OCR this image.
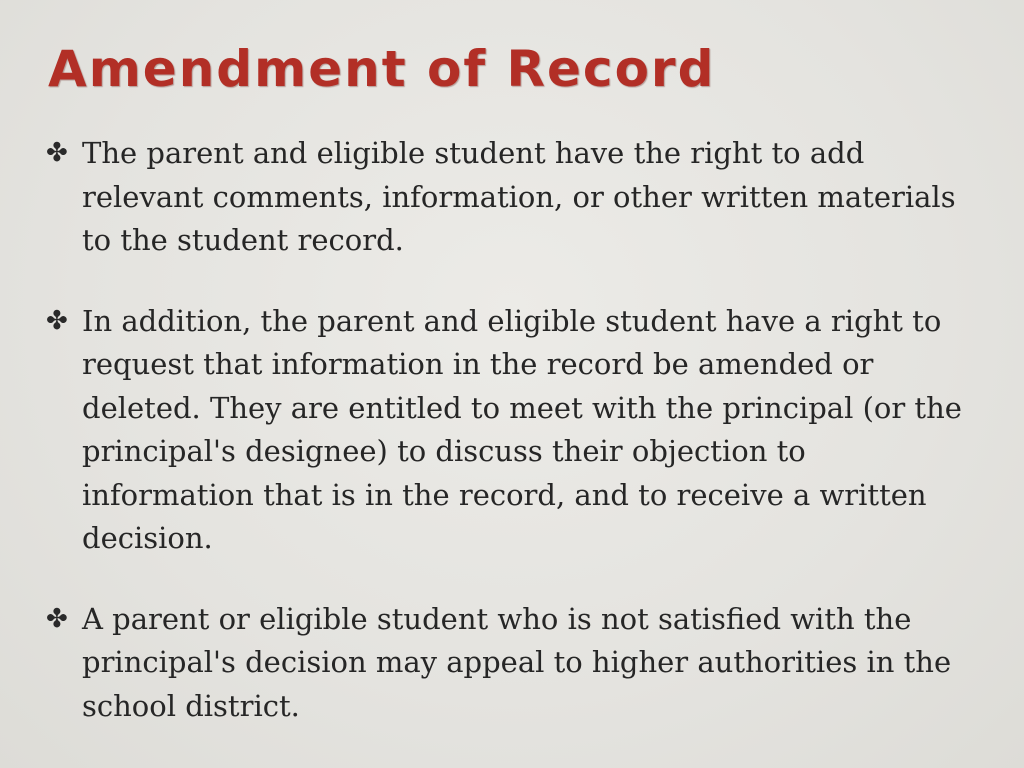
Amendment of Record
✤ The parent and eligible student have the right to add relevant comments, information, or other written materials to the student record.
✤ In addition, the parent and eligible student have a right to request that information in the record be amended or deleted. They are entitled to meet with the principal (or the principal's designee) to discuss their objection to information that is in the record, and to receive a written decision.
✤ A parent or eligible student who is not satisfied with the principal's decision may appeal to higher authorities in the school district.
